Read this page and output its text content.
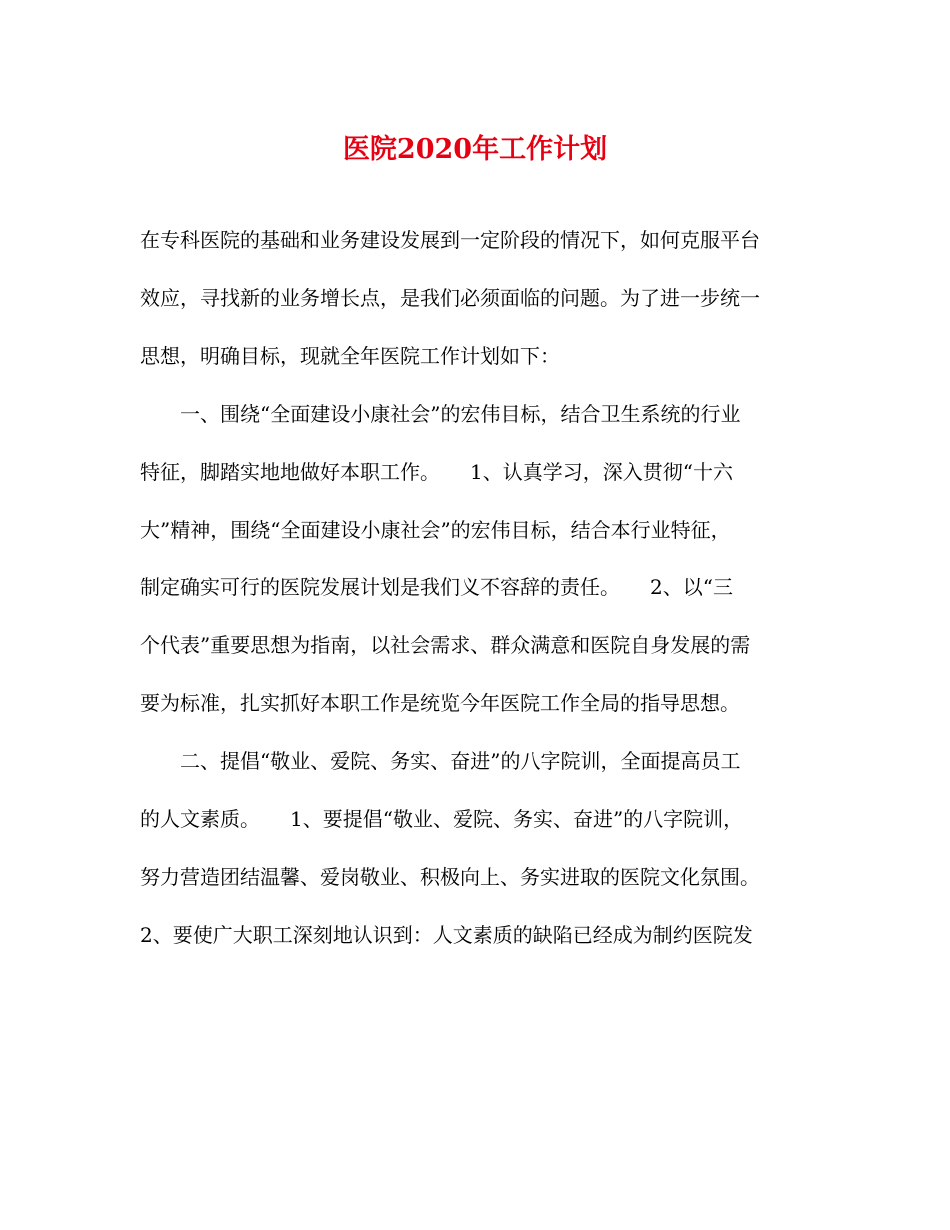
医院2020年工作计划

在专科医院的基础和业务建设发展到一定阶段的情况下，如何克服平台

效应，寻找新的业务增长点，是我们必须面临的问题。为了进一步统一

思想，明确目标，现就全年医院工作计划如下：

　　一、围绕“全面建设小康社会”的宏伟目标，结合卫生系统的行业

特征，脚踏实地地做好本职工作。　　1、认真学习，深入贯彻“十六

大”精神，围绕“全面建设小康社会”的宏伟目标，结合本行业特征，

制定确实可行的医院发展计划是我们义不容辞的责任。　　2、以“三

个代表”重要思想为指南，以社会需求、群众满意和医院自身发展的需

要为标准，扎实抓好本职工作是统览今年医院工作全局的指导思想。

　　二、提倡“敬业、爱院、务实、奋进”的八字院训，全面提高员工

的人文素质。　　1、要提倡“敬业、爱院、务实、奋进”的八字院训，

努力营造团结温馨、爱岗敬业、积极向上、务实进取的医院文化氛围。

2、要使广大职工深刻地认识到：人文素质的缺陷已经成为制约医院发
